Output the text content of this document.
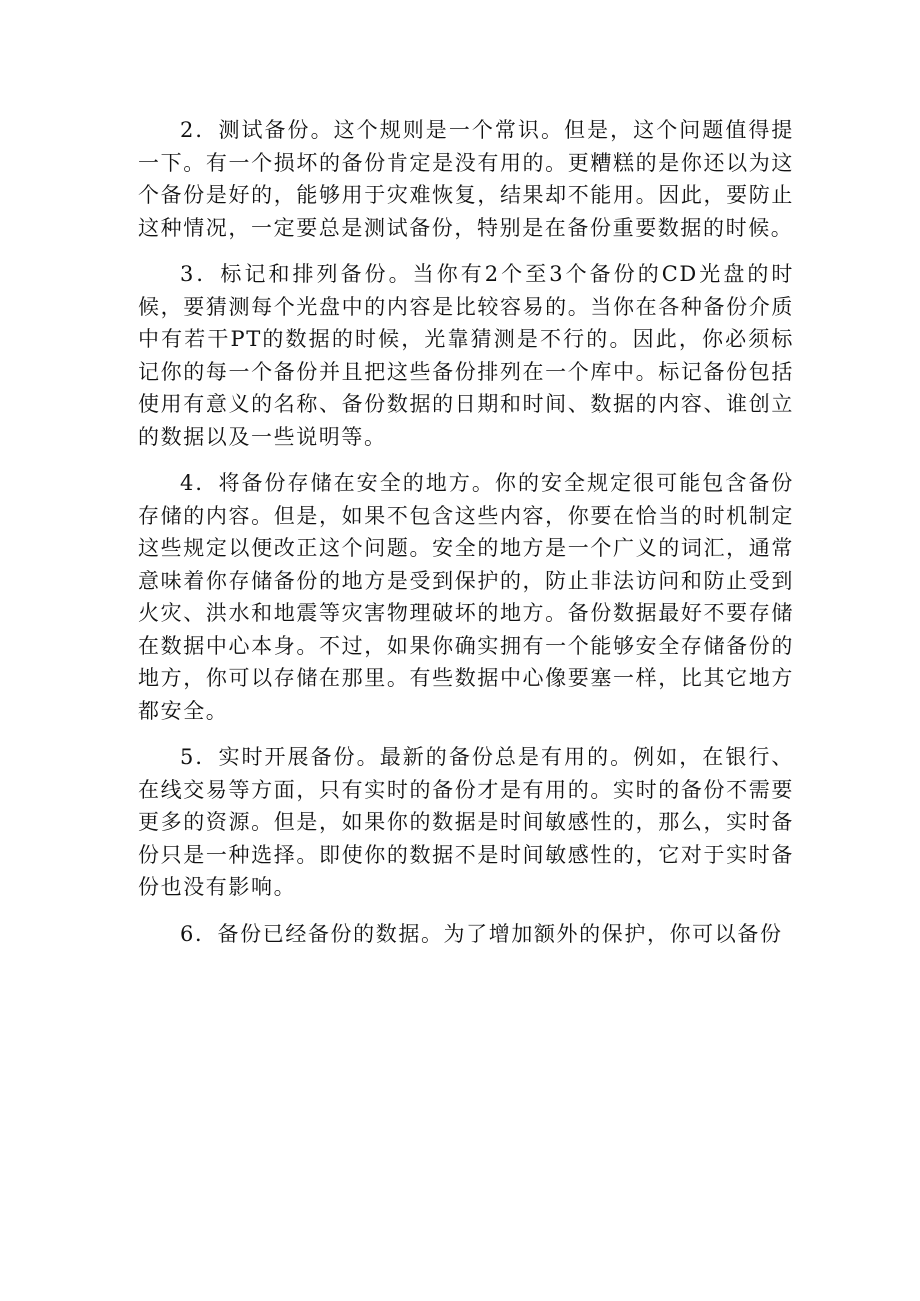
2．测试备份。这个规则是一个常识。但是，这个问题值得提一下。有一个损坏的备份肯定是没有用的。更糟糕的是你还以为这个备份是好的，能够用于灾难恢复，结果却不能用。因此，要防止这种情况，一定要总是测试备份，特别是在备份重要数据的时候。

3．标记和排列备份。当你有2个至3个备份的CD光盘的时候，要猜测每个光盘中的内容是比较容易的。当你在各种备份介质中有若干PT的数据的时候，光靠猜测是不行的。因此，你必须标记你的每一个备份并且把这些备份排列在一个库中。标记备份包括使用有意义的名称、备份数据的日期和时间、数据的内容、谁创立的数据以及一些说明等。

4．将备份存储在安全的地方。你的安全规定很可能包含备份存储的内容。但是，如果不包含这些内容，你要在恰当的时机制定这些规定以便改正这个问题。安全的地方是一个广义的词汇，通常意味着你存储备份的地方是受到保护的，防止非法访问和防止受到火灾、洪水和地震等灾害物理破坏的地方。备份数据最好不要存储在数据中心本身。不过，如果你确实拥有一个能够安全存储备份的地方，你可以存储在那里。有些数据中心像要塞一样，比其它地方都安全。

5．实时开展备份。最新的备份总是有用的。例如，在银行、在线交易等方面，只有实时的备份才是有用的。实时的备份不需要更多的资源。但是，如果你的数据是时间敏感性的，那么，实时备份只是一种选择。即使你的数据不是时间敏感性的，它对于实时备份也没有影响。

6．备份已经备份的数据。为了增加额外的保护，你可以备份
